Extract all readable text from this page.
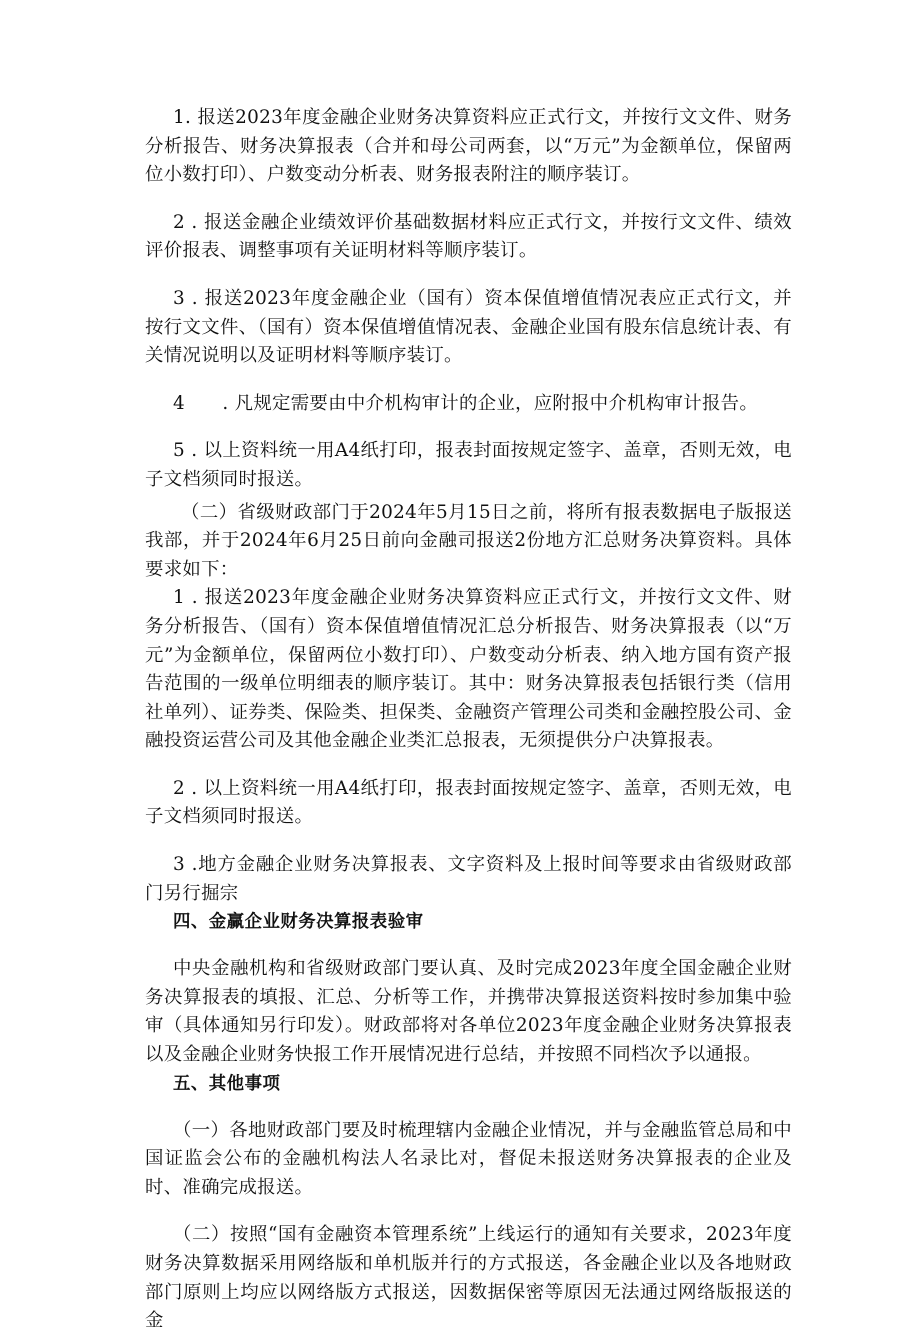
1. 报送2023年度金融企业财务决算资料应正式行文，并按行文文件、财务分析报告、财务决算报表（合并和母公司两套，以“万元”为金额单位，保留两位小数打印）、户数变动分析表、财务报表附注的顺序装订。

2 . 报送金融企业绩效评价基础数据材料应正式行文，并按行文文件、绩效评价报表、调整事项有关证明材料等顺序装订。

3 . 报送2023年度金融企业（国有）资本保值增值情况表应正式行文，并按行文文件、（国有）资本保值增值情况表、金融企业国有股东信息统计表、有关情况说明以及证明材料等顺序装订。

4　　. 凡规定需要由中介机构审计的企业，应附报中介机构审计报告。

5 . 以上资料统一用A4纸打印，报表封面按规定签字、盖章，否则无效，电子文档须同时报送。

（二）省级财政部门于2024年5月15日之前，将所有报表数据电子版报送我部，并于2024年6月25日前向金融司报送2份地方汇总财务决算资料。具体要求如下：

1 . 报送2023年度金融企业财务决算资料应正式行文，并按行文文件、财务分析报告、（国有）资本保值增值情况汇总分析报告、财务决算报表（以“万元”为金额单位，保留两位小数打印）、户数变动分析表、纳入地方国有资产报告范围的一级单位明细表的顺序装订。其中：财务决算报表包括银行类（信用社单列）、证券类、保险类、担保类、金融资产管理公司类和金融控股公司、金融投资运营公司及其他金融企业类汇总报表，无须提供分户决算报表。

2 . 以上资料统一用A4纸打印，报表封面按规定签字、盖章，否则无效，电子文档须同时报送。

3 .地方金融企业财务决算报表、文字资料及上报时间等要求由省级财政部门另行掘宗

四、金赢企业财务决算报表验审

中央金融机构和省级财政部门要认真、及时完成2023年度全国金融企业财务决算报表的填报、汇总、分析等工作，并携带决算报送资料按时参加集中验审（具体通知另行印发）。财政部将对各单位2023年度金融企业财务决算报表以及金融企业财务快报工作开展情况进行总结，并按照不同档次予以通报。

五、其他事项

（一）各地财政部门要及时梳理辖内金融企业情况，并与金融监管总局和中国证监会公布的金融机构法人名录比对，督促未报送财务决算报表的企业及时、准确完成报送。

（二）按照“国有金融资本管理系统”上线运行的通知有关要求，2023年度财务决算数据采用网络版和单机版并行的方式报送，各金融企业以及各地财政部门原则上均应以网络版方式报送，因数据保密等原因无法通过网络版报送的金
